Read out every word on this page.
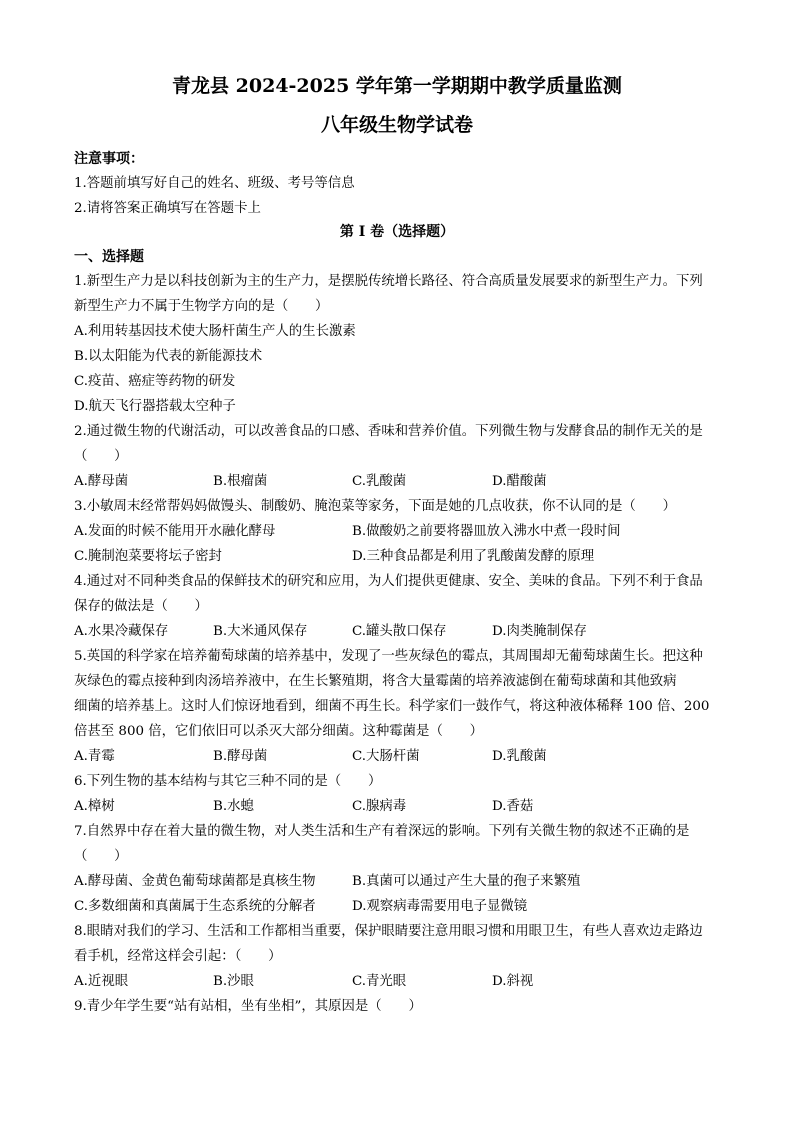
青龙县 2024-2025 学年第一学期期中教学质量监测
八年级生物学试卷
注意事项：
1.答题前填写好自己的姓名、班级、考号等信息
2.请将答案正确填写在答题卡上
第 I 卷（选择题）
一、选择题
1.新型生产力是以科技创新为主的生产力，是摆脱传统增长路径、符合高质量发展要求的新型生产力。下列
新型生产力不属于生物学方向的是（　　）
A.利用转基因技术使大肠杆菌生产人的生长激素
B.以太阳能为代表的新能源技术
C.疫苗、癌症等药物的研发
D.航天飞行器搭载太空种子
2.通过微生物的代谢活动，可以改善食品的口感、香味和营养价值。下列微生物与发酵食品的制作无关的是
（　　）
A.酵母菌	B.根瘤菌	C.乳酸菌	D.醋酸菌
3.小敏周末经常帮妈妈做馒头、制酸奶、腌泡菜等家务，下面是她的几点收获，你不认同的是（　　）
A.发面的时候不能用开水融化酵母	B.做酸奶之前要将器皿放入沸水中煮一段时间
C.腌制泡菜要将坛子密封	D.三种食品都是利用了乳酸菌发酵的原理
4.通过对不同种类食品的保鲜技术的研究和应用，为人们提供更健康、安全、美味的食品。下列不利于食品
保存的做法是（　　）
A.水果冷藏保存	B.大米通风保存	C.罐头散口保存	D.肉类腌制保存
5.英国的科学家在培养葡萄球菌的培养基中，发现了一些灰绿色的霉点，其周围却无葡萄球菌生长。把这种
灰绿色的霉点接种到肉汤培养液中，在生长繁殖期，将含大量霉菌的培养液滤倒在葡萄球菌和其他致病
细菌的培养基上。这时人们惊讶地看到，细菌不再生长。科学家们一鼓作气，将这种液体稀释 100 倍、200
倍甚至 800 倍，它们依旧可以杀灭大部分细菌。这种霉菌是（　　）
A.青霉	B.酵母菌	C.大肠杆菌	D.乳酸菌
6.下列生物的基本结构与其它三种不同的是（　　）
A.樟树	B.水螅	C.腺病毒	D.香菇
7.自然界中存在着大量的微生物，对人类生活和生产有着深远的影响。下列有关微生物的叙述不正确的是
（　　）
A.酵母菌、金黄色葡萄球菌都是真核生物	B.真菌可以通过产生大量的孢子来繁殖
C.多数细菌和真菌属于生态系统的分解者	D.观察病毒需要用电子显微镜
8.眼睛对我们的学习、生活和工作都相当重要，保护眼睛要注意用眼习惯和用眼卫生，有些人喜欢边走路边
看手机，经常这样会引起：（　　）
A.近视眼	B.沙眼	C.青光眼	D.斜视
9.青少年学生要“站有站相，坐有坐相”，其原因是（　　）
